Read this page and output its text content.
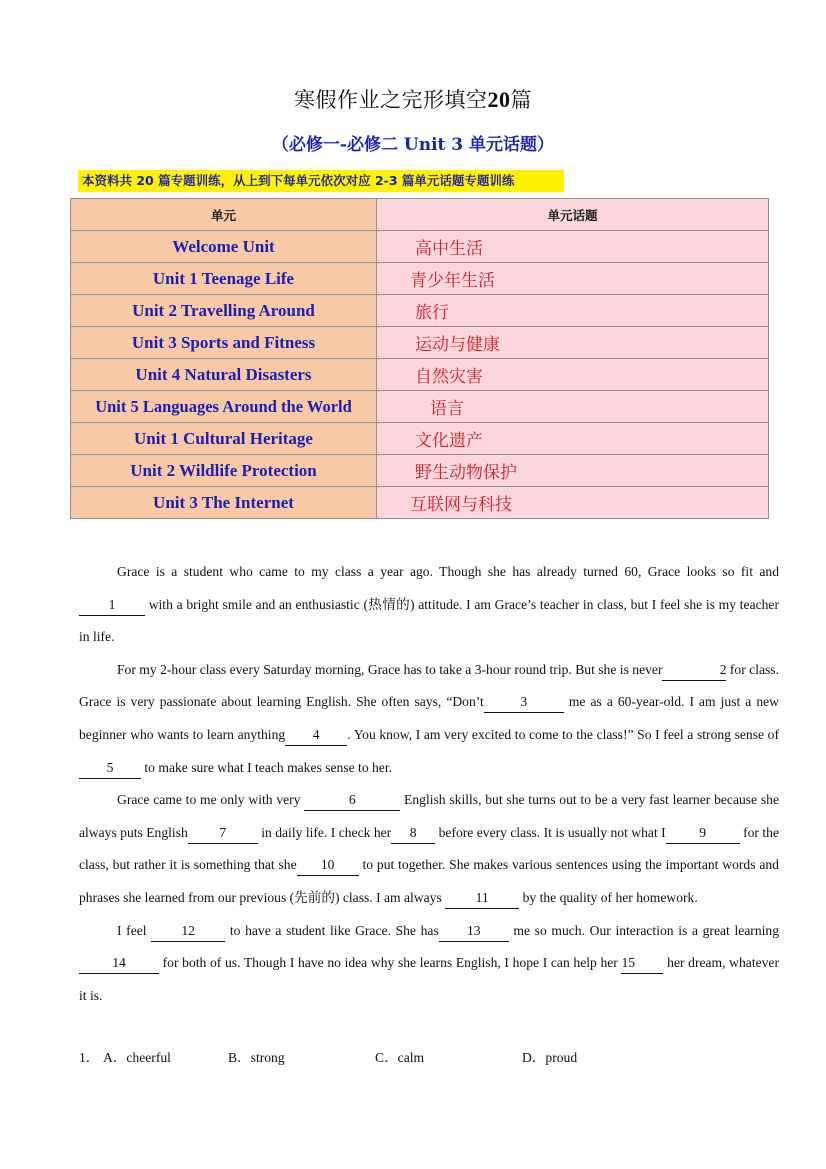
寒假作业之完形填空20篇
（必修一-必修二 Unit 3 单元话题）
本资料共 20 篇专题训练，从上到下每单元依次对应 2-3 篇单元话题专题训练
单元	单元话题
Welcome Unit	高中生活
Unit 1 Teenage Life	青少年生活
Unit 2 Travelling Around	旅行
Unit 3 Sports and Fitness	运动与健康
Unit 4 Natural Disasters	自然灾害
Unit 5 Languages Around the World	语言
Unit 1 Cultural Heritage	文化遗产
Unit 2 Wildlife Protection	野生动物保护
Unit 3 The Internet	互联网与科技

Grace is a student who came to my class a year ago. Though she has already turned 60, Grace looks so fit and 1 with a bright smile and an enthusiastic (热情的) attitude. I am Grace’s teacher in class, but I feel she is my teacher in life.

For my 2-hour class every Saturday morning, Grace has to take a 3-hour round trip. But she is never	2 for class. Grace is very passionate about learning English. She often says, “Don’t	3	me as a 60-year-old. I am just a new beginner who wants to learn anything 4 . You know, I am very excited to come to the class!” So I feel a strong sense of5 to make sure what I teach makes sense to her.

Grace came to me only with very	6	English skills, but she turns out to be a very fast learner because she always puts English 7 in daily life. I check her 8 before every class. It is usually not what I 9 for the class, but rather it is something that she 10 to put together. She makes various sentences using the important words and phrases she learned from our previous (先前的) class. I am always 11 by the quality of her homework.

I feel 12 to have a student like Grace. She has 13 me so much. Our interaction is a great learning 14 for both of us. Though I have no idea why she learns English, I hope I can help her 15 her dream, whatever it is.

1． A．cheerful	B．strong	C．calm	D．proud
